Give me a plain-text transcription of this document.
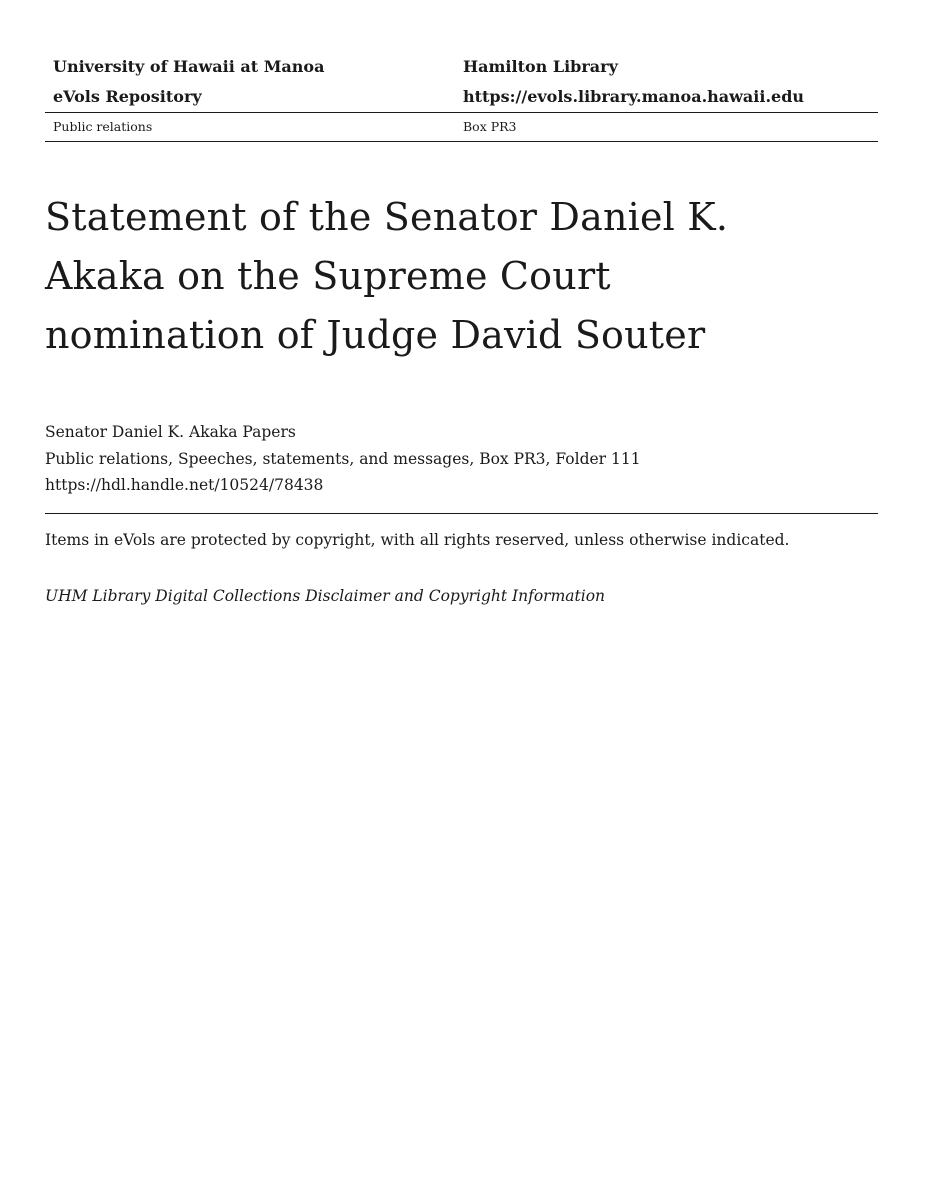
University of Hawaii at Manoa	Hamilton Library
eVols Repository	https://evols.library.manoa.hawaii.edu
Public relations	Box PR3
Statement of the Senator Daniel K.
Akaka on the Supreme Court
nomination of Judge David Souter
Senator Daniel K. Akaka Papers
Public relations, Speeches, statements, and messages, Box PR3, Folder 111
https://hdl.handle.net/10524/78438
Items in eVols are protected by copyright, with all rights reserved, unless otherwise indicated.
UHM Library Digital Collections Disclaimer and Copyright Information
